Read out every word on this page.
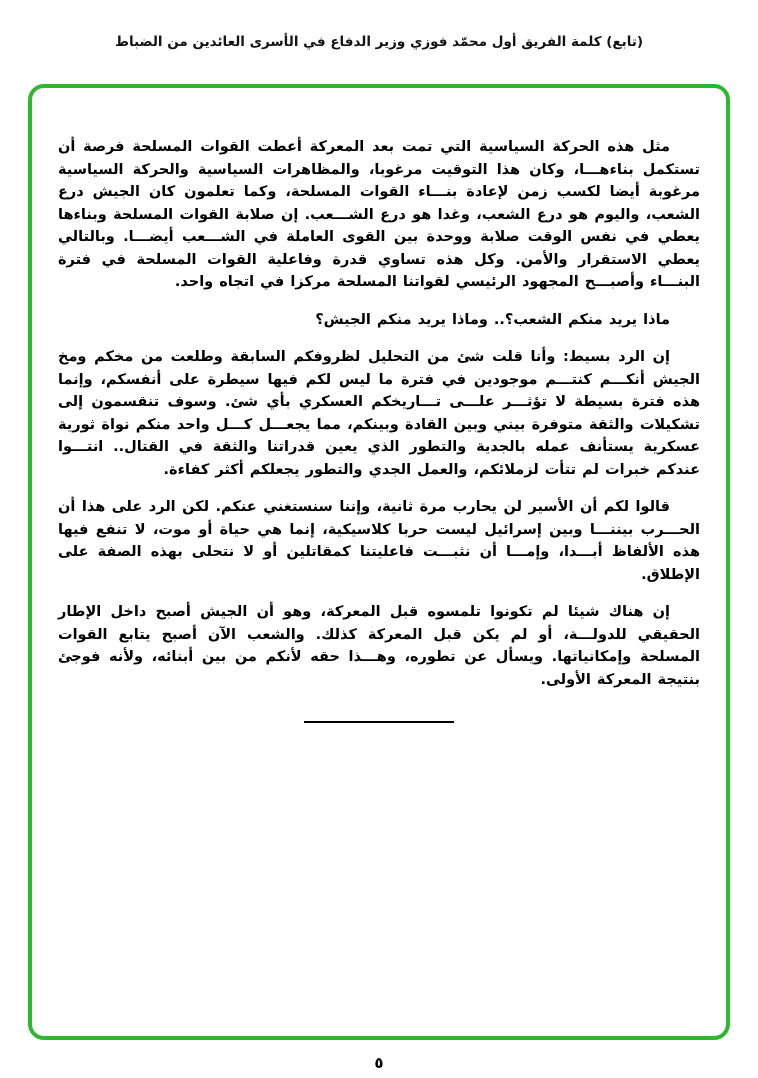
(تابع) كلمة الفريق أول محمّد فوزي وزير الدفاع في الأسرى العائدين من الضباط

مثل هذه الحركة السياسية التي تمت بعد المعركة أعطت القوات المسلحة فرصة أن تستكمل بناءهـــا، وكان هذا التوقيت مرغوبا، والمظاهرات السياسية والحركة السياسية مرغوبة أيضا لكسب زمن لإعادة بنـــاء القوات المسلحة، وكما تعلمون كان الجيش درع الشعب، واليوم هو درع الشعب، وغدا هو درع الشـــعب. إن صلابة القوات المسلحة وبناءها يعطي في نفس الوقت صلابة ووحدة بين القوى العاملة في الشـــعب أيضـــا. وبالتالي يعطي الاستقرار والأمن. وكل هذه تساوي قدرة وفاعلية القوات المسلحة في فترة البنـــاء وأصبـــح المجهود الرئيسي لقواتنا المسلحة مركزا في اتجاه واحد.

ماذا يريد منكم الشعب؟.. وماذا يريد منكم الجيش؟

إن الرد بسيط: وأنا قلت شئ من التحليل لظروفكم السابقة وطلعت من مخكم ومخ الجيش أنكـــم كنتـــم موجودين في فترة ما ليس لكم فيها سيطرة على أنفسكم، وإنما هذه فترة بسيطة لا تؤثـــر علـــى تـــاريخكم العسكري بأي شئ. وسوف تنقسمون إلى تشكيلات والثقة متوفرة بيني وبين القادة وبينكم، مما يجعـــل كـــل واحد منكم نواة ثورية عسكرية يستأنف عمله بالجدية والتطور الذي يعين قدراتنا والثقة في القتال.. انتـــوا عندكم خبرات لم تتأت لزملائكم، والعمل الجدي والتطور يجعلكم أكثر كفاءة.

قالوا لكم أن الأسير لن يحارب مرة ثانية، وإننا سنستغني عنكم. لكن الرد على هذا أن الحـــرب بيننـــا وبين إسرائيل ليست حربا كلاسيكية، إنما هي حياة أو موت، لا تنفع فيها هذه الألفاظ أبـــدا، وإمـــا أن نثبـــت فاعليتنا كمقاتلين أو لا نتحلى بهذه الصفة على الإطلاق.

إن هناك شيئا لم تكونوا تلمسوه قبل المعركة، وهو أن الجيش أصبح داخل الإطار الحقيقي للدولـــة، أو لم يكن قبل المعركة كذلك. والشعب الآن أصبح يتابع القوات المسلحة وإمكانياتها. ويسأل عن تطوره، وهـــذا حقه لأنكم من بين أبنائه، ولأنه فوجئ بنتيجة المعركة الأولى.

٥
